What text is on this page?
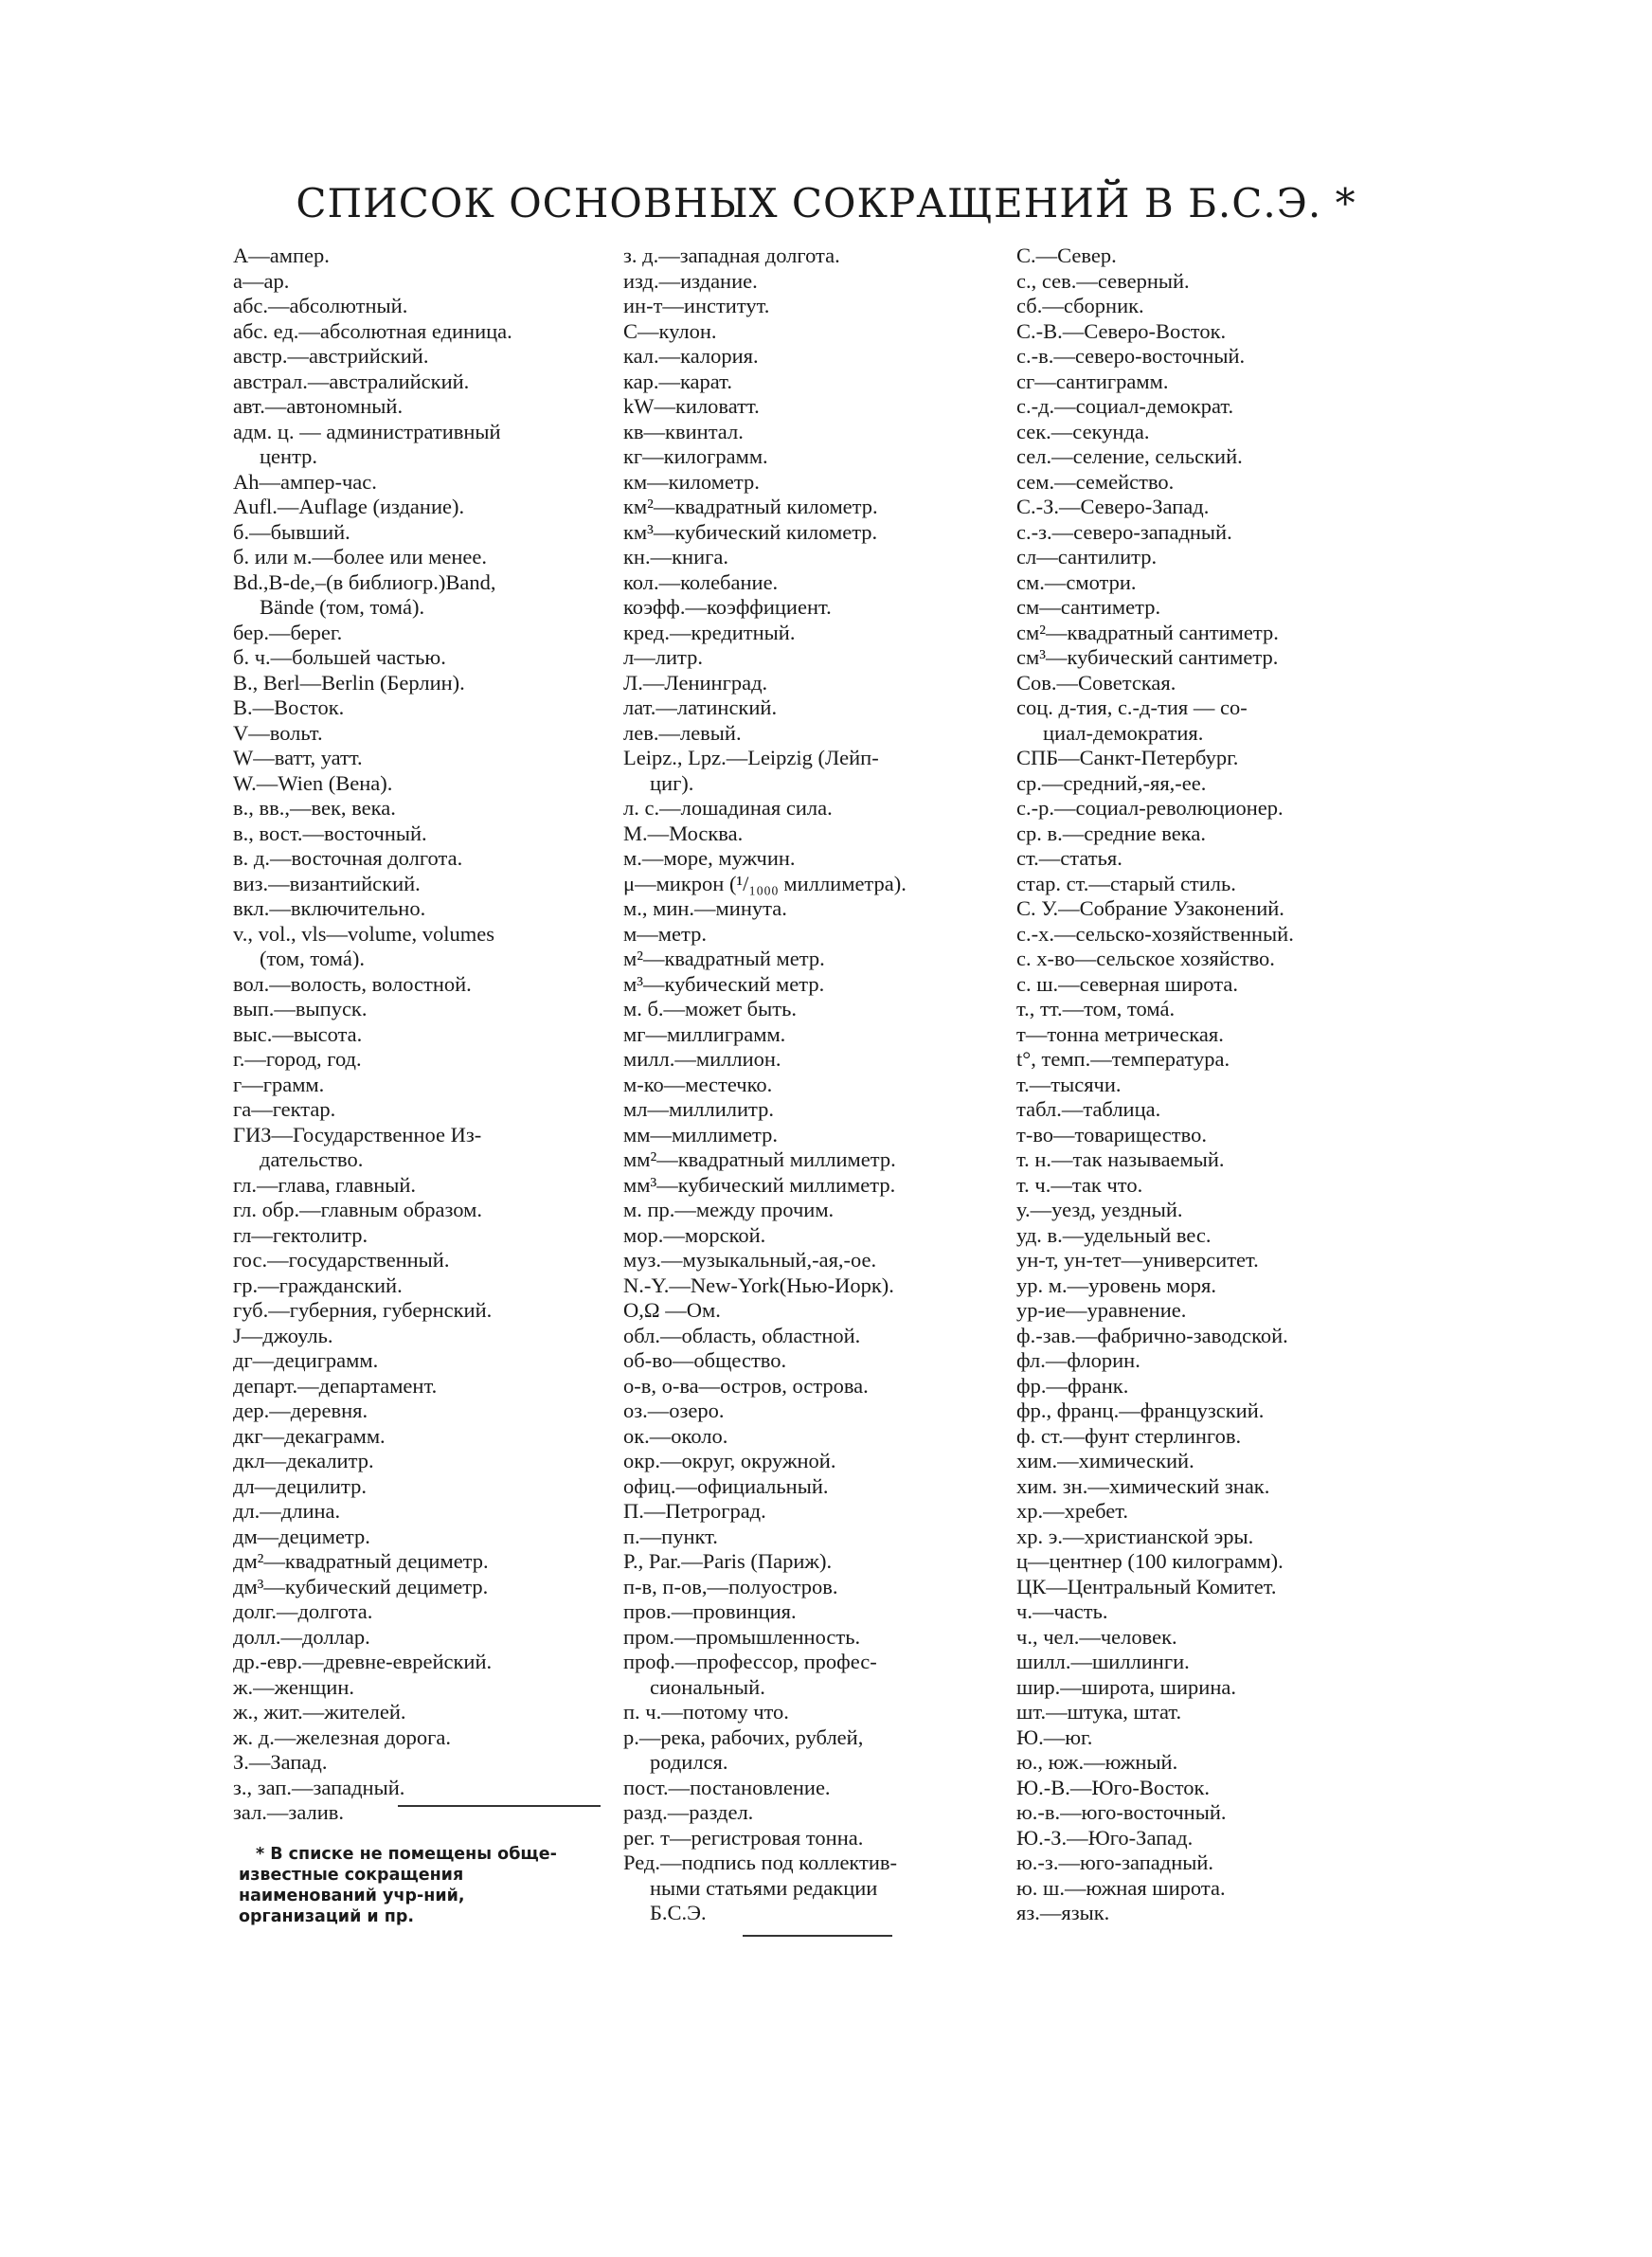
СПИСОК ОСНОВНЫХ СОКРАЩЕНИЙ В Б.С.Э. *
А—ампер.
а—ар.
абс.—абсолютный.
абс. ед.—абсолютная единица.
австр.—австрийский.
австрал.—австралийский.
авт.—автономный.
адм. ц. — административный
центр.
Ah—ампер-час.
Aufl.—Auflage (издание).
б.—бывший.
б. или м.—более или менее.
Bd.,B-de,–(в библиогр.)Band,
Bände (том, томá).
бер.—берег.
б. ч.—большей частью.
B., Berl—Berlin (Берлин).
В.—Восток.
V—вольт.
W—ватт, уатт.
W.—Wien (Вена).
в., вв.,—век, века.
в., вост.—восточный.
в. д.—восточная долгота.
виз.—византийский.
вкл.—включительно.
v., vol., vls—volume, volumes
(том, томá).
вол.—волость, волостной.
вып.—выпуск.
выс.—высота.
г.—город, год.
г—грамм.
га—гектар.
ГИЗ—Государственное Из-
дательство.
гл.—глава, главный.
гл. обр.—главным образом.
гл—гектолитр.
гос.—государственный.
гр.—гражданский.
губ.—губерния, губернский.
J—джоуль.
дг—дециграмм.
департ.—департамент.
дер.—деревня.
дкг—декаграмм.
дкл—декалитр.
дл—децилитр.
дл.—длина.
дм—дециметр.
дм²—квадратный дециметр.
дм³—кубический дециметр.
долг.—долгота.
долл.—доллар.
др.-евр.—древне-еврейский.
ж.—женщин.
ж., жит.—жителей.
ж. д.—железная дорога.
З.—Запад.
з., зап.—западный.
зал.—залив.
з. д.—западная долгота.
изд.—издание.
ин-т—институт.
С—кулон.
кал.—калория.
кар.—карат.
kW—киловатт.
кв—квинтал.
кг—килограмм.
км—километр.
км²—квадратный километр.
км³—кубический километр.
кн.—книга.
кол.—колебание.
коэфф.—коэффициент.
кред.—кредитный.
л—литр.
Л.—Ленинград.
лат.—латинский.
лев.—левый.
Leipz., Lpz.—Leipzig (Лейп-
циг).
л. с.—лошадиная сила.
М.—Москва.
м.—море, мужчин.
μ—микрон (¹/₁₀₀₀ миллиметра).
м., мин.—минута.
м—метр.
м²—квадратный метр.
м³—кубический метр.
м. б.—может быть.
мг—миллиграмм.
милл.—миллион.
м-ко—местечко.
мл—миллилитр.
мм—миллиметр.
мм²—квадратный миллиметр.
мм³—кубический миллиметр.
м. пр.—между прочим.
мор.—морской.
муз.—музыкальный,-ая,-ое.
N.-Y.—New-York(Нью-Иорк).
О,Ω —Ом.
обл.—область, областной.
об-во—общество.
о-в, о-ва—остров, острова.
оз.—озеро.
ок.—около.
окр.—округ, окружной.
офиц.—официальный.
П.—Петроград.
п.—пункт.
P., Par.—Paris (Париж).
п-в, п-ов,—полуостров.
пров.—провинция.
пром.—промышленность.
проф.—профессор, профес-
сиональный.
п. ч.—потому что.
р.—река, рабочих, рублей,
родился.
пост.—постановление.
разд.—раздел.
рег. т—регистровая тонна.
Ред.—подпись под коллектив-
ными статьями редакции
Б.С.Э.
С.—Север.
с., сев.—северный.
сб.—сборник.
С.-В.—Северо-Восток.
с.-в.—северо-восточный.
сг—сантиграмм.
с.-д.—социал-демократ.
сек.—секунда.
сел.—селение, сельский.
сем.—семейство.
С.-З.—Северо-Запад.
с.-з.—северо-западный.
сл—сантилитр.
см.—смотри.
см—сантиметр.
см²—квадратный сантиметр.
см³—кубический сантиметр.
Сов.—Советская.
соц. д-тия, с.-д-тия — со-
циал-демократия.
СПБ—Санкт-Петербург.
ср.—средний,-яя,-ее.
с.-р.—социал-революционер.
ср. в.—средние века.
ст.—статья.
стар. ст.—старый стиль.
С. У.—Собрание Узаконений.
с.-х.—сельско-хозяйственный.
с. х-во—сельское хозяйство.
с. ш.—северная широта.
т., тт.—том, томá.
т—тонна метрическая.
t°, темп.—температура.
т.—тысячи.
табл.—таблица.
т-во—товарищество.
т. н.—так называемый.
т. ч.—так что.
у.—уезд, уездный.
уд. в.—удельный вес.
ун-т, ун-тет—университет.
ур. м.—уровень моря.
ур-ие—уравнение.
ф.-зав.—фабрично-заводской.
фл.—флорин.
фр.—франк.
фр., франц.—французский.
ф. ст.—фунт стерлингов.
хим.—химический.
хим. зн.—химический знак.
хр.—хребет.
хр. э.—христианской эры.
ц—центнер (100 килограмм).
ЦК—Центральный Комитет.
ч.—часть.
ч., чел.—человек.
шилл.—шиллинги.
шир.—широта, ширина.
шт.—штука, штат.
Ю.—юг.
ю., юж.—южный.
Ю.-В.—Юго-Восток.
ю.-в.—юго-восточный.
Ю.-З.—Юго-Запад.
ю.-з.—юго-западный.
ю. ш.—южная широта.
яз.—язык.
* В списке не помещены обще-известные сокращения наименований учр-ний, организаций и пр.
